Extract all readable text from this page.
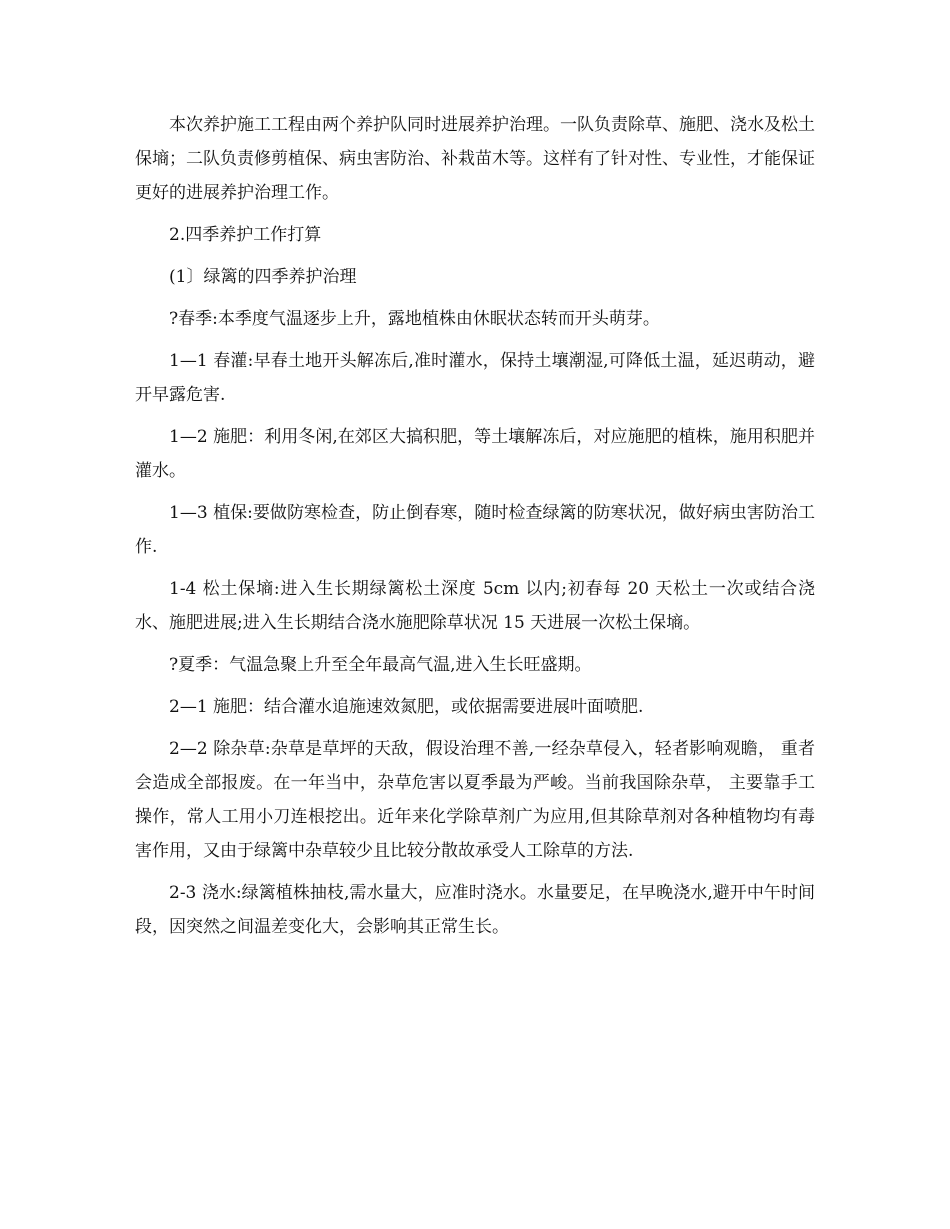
本次养护施工工程由两个养护队同时进展养护治理。一队负责除草、施肥、浇水及松土保墒；二队负责修剪植保、病虫害防治、补栽苗木等。这样有了针对性、专业性，才能保证更好的进展养护治理工作。

2.四季养护工作打算

(1〕绿篱的四季养护治理

?春季:本季度气温逐步上升，露地植株由休眠状态转而开头萌芽。

1—1 春灌:早春土地开头解冻后,准时灌水，保持土壤潮湿,可降低土温，延迟萌动，避开早露危害.

1—2 施肥：利用冬闲,在郊区大搞积肥，等土壤解冻后，对应施肥的植株，施用积肥并灌水。

1—3 植保:要做防寒检查，防止倒春寒，随时检查绿篱的防寒状况，做好病虫害防治工作.

1-4 松土保墒:进入生长期绿篱松土深度 5cm 以内;初春每 20 天松土一次或结合浇水、施肥进展;进入生长期结合浇水施肥除草状况 15 天进展一次松土保墒。

?夏季：气温急聚上升至全年最高气温,进入生长旺盛期。

2—1 施肥：结合灌水追施速效氮肥，或依据需要进展叶面喷肥.

2—2 除杂草:杂草是草坪的天敌，假设治理不善,一经杂草侵入，轻者影响观瞻， 重者会造成全部报废。在一年当中，杂草危害以夏季最为严峻。当前我国除杂草， 主要靠手工操作，常人工用小刀连根挖出。近年来化学除草剂广为应用,但其除草剂对各种植物均有毒害作用，又由于绿篱中杂草较少且比较分散故承受人工除草的方法.

2-3 浇水:绿篱植株抽枝,需水量大，应准时浇水。水量要足，在早晚浇水,避开中午时间段，因突然之间温差变化大，会影响其正常生长。
